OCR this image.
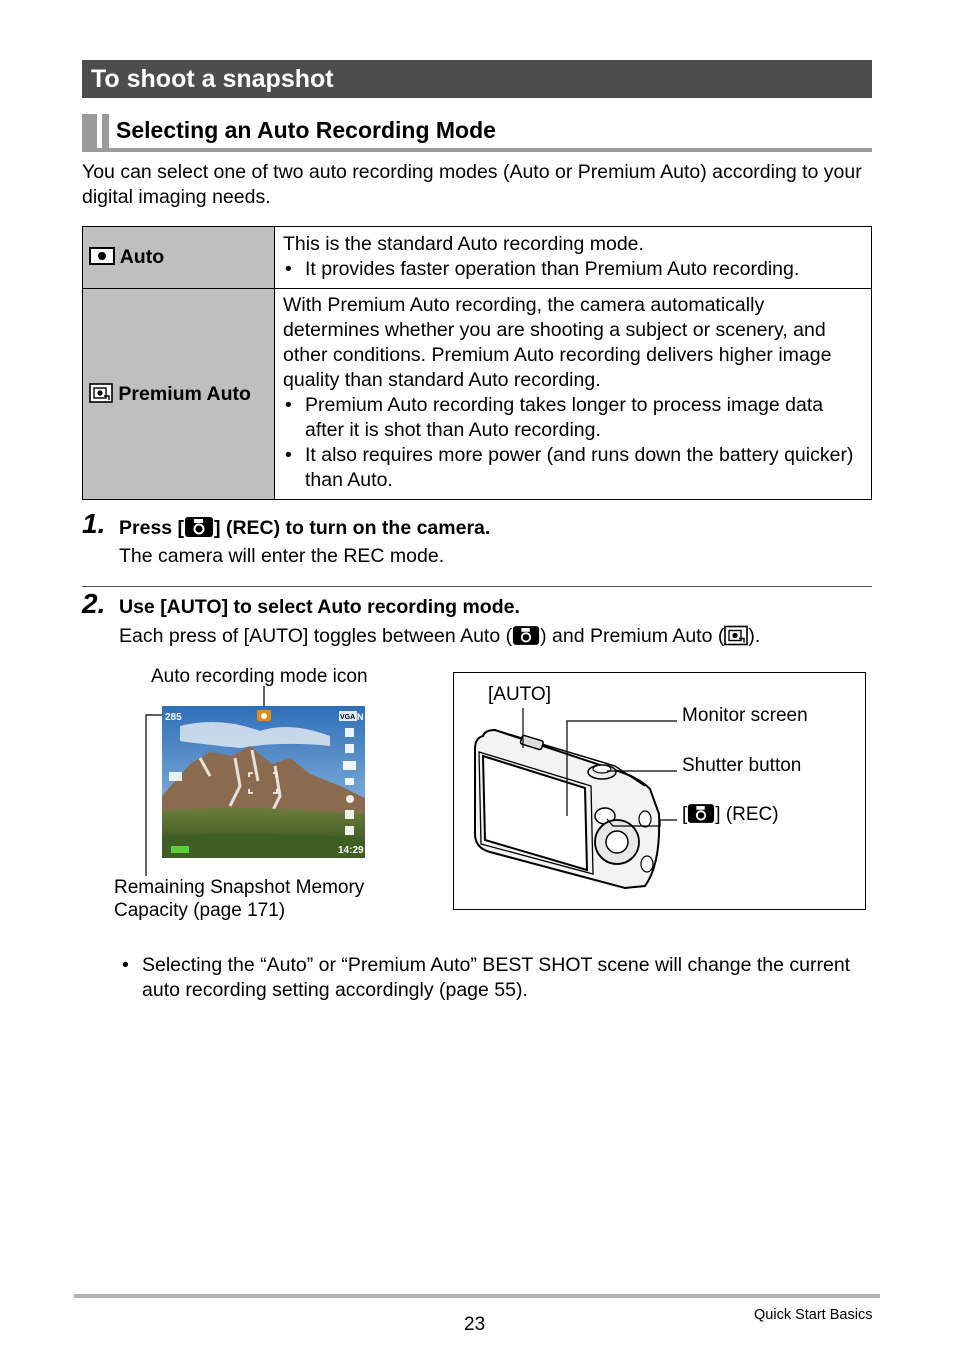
To shoot a snapshot
Selecting an Auto Recording Mode
You can select one of two auto recording modes (Auto or Premium Auto) according to your digital imaging needs.
Auto	This is the standard Auto recording mode.
• It provides faster operation than Premium Auto recording.

Premium Auto	With Premium Auto recording, the camera automatically determines whether you are shooting a subject or scenery, and other conditions. Premium Auto recording delivers higher image quality than standard Auto recording.
• Premium Auto recording takes longer to process image data after it is shot than Auto recording.
• It also requires more power (and runs down the battery quicker) than Auto.
1. Press [ ] (REC) to turn on the camera.
The camera will enter the REC mode.
2. Use [AUTO] to select Auto recording mode.
Each press of [AUTO] toggles between Auto ( ) and Premium Auto ( ).
Auto recording mode icon
285	VGA N
14:29
Remaining Snapshot Memory
Capacity (page 171)
[AUTO]
Monitor screen
Shutter button
[ ] (REC)
• Selecting the “Auto” or “Premium Auto” BEST SHOT scene will change the current auto recording setting accordingly (page 55).
23	Quick Start Basics
